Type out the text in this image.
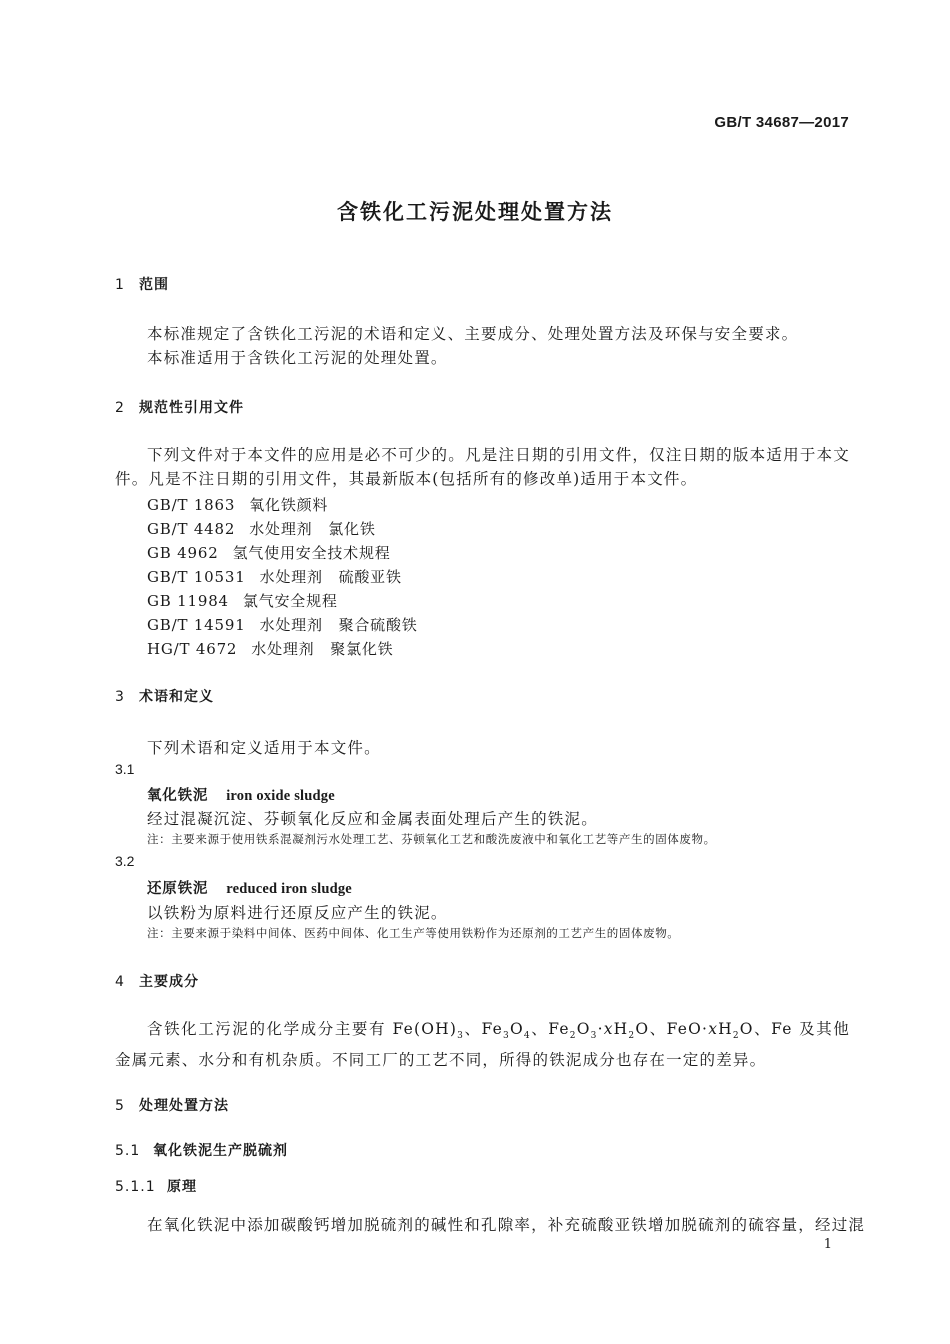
GB/T 34687—2017
含铁化工污泥处理处置方法
1 范围
本标准规定了含铁化工污泥的术语和定义、主要成分、处理处置方法及环保与安全要求。
本标准适用于含铁化工污泥的处理处置。
2 规范性引用文件
下列文件对于本文件的应用是必不可少的。凡是注日期的引用文件，仅注日期的版本适用于本文件。凡是不注日期的引用文件，其最新版本(包括所有的修改单)适用于本文件。
GB/T 1863 氧化铁颜料
GB/T 4482 水处理剂　氯化铁
GB 4962 氢气使用安全技术规程
GB/T 10531 水处理剂　硫酸亚铁
GB 11984 氯气安全规程
GB/T 14591 水处理剂　聚合硫酸铁
HG/T 4672 水处理剂　聚氯化铁
3 术语和定义
下列术语和定义适用于本文件。
3.1
氧化铁泥 iron oxide sludge
经过混凝沉淀、芬顿氧化反应和金属表面处理后产生的铁泥。
注：主要来源于使用铁系混凝剂污水处理工艺、芬顿氧化工艺和酸洗废液中和氧化工艺等产生的固体废物。
3.2
还原铁泥 reduced iron sludge
以铁粉为原料进行还原反应产生的铁泥。
注：主要来源于染料中间体、医药中间体、化工生产等使用铁粉作为还原剂的工艺产生的固体废物。
4 主要成分
含铁化工污泥的化学成分主要有 $Fe(OH)_3$、$Fe_3O_4$、$Fe_2O_3\cdot xH_2O$、$FeO\cdot xH_2O$、Fe 及其他金属元素、水分和有机杂质。不同工厂的工艺不同，所得的铁泥成分也存在一定的差异。
5 处理处置方法
5.1 氧化铁泥生产脱硫剂
5.1.1 原理
在氧化铁泥中添加碳酸钙增加脱硫剂的碱性和孔隙率，补充硫酸亚铁增加脱硫剂的硫容量，经过混
1
